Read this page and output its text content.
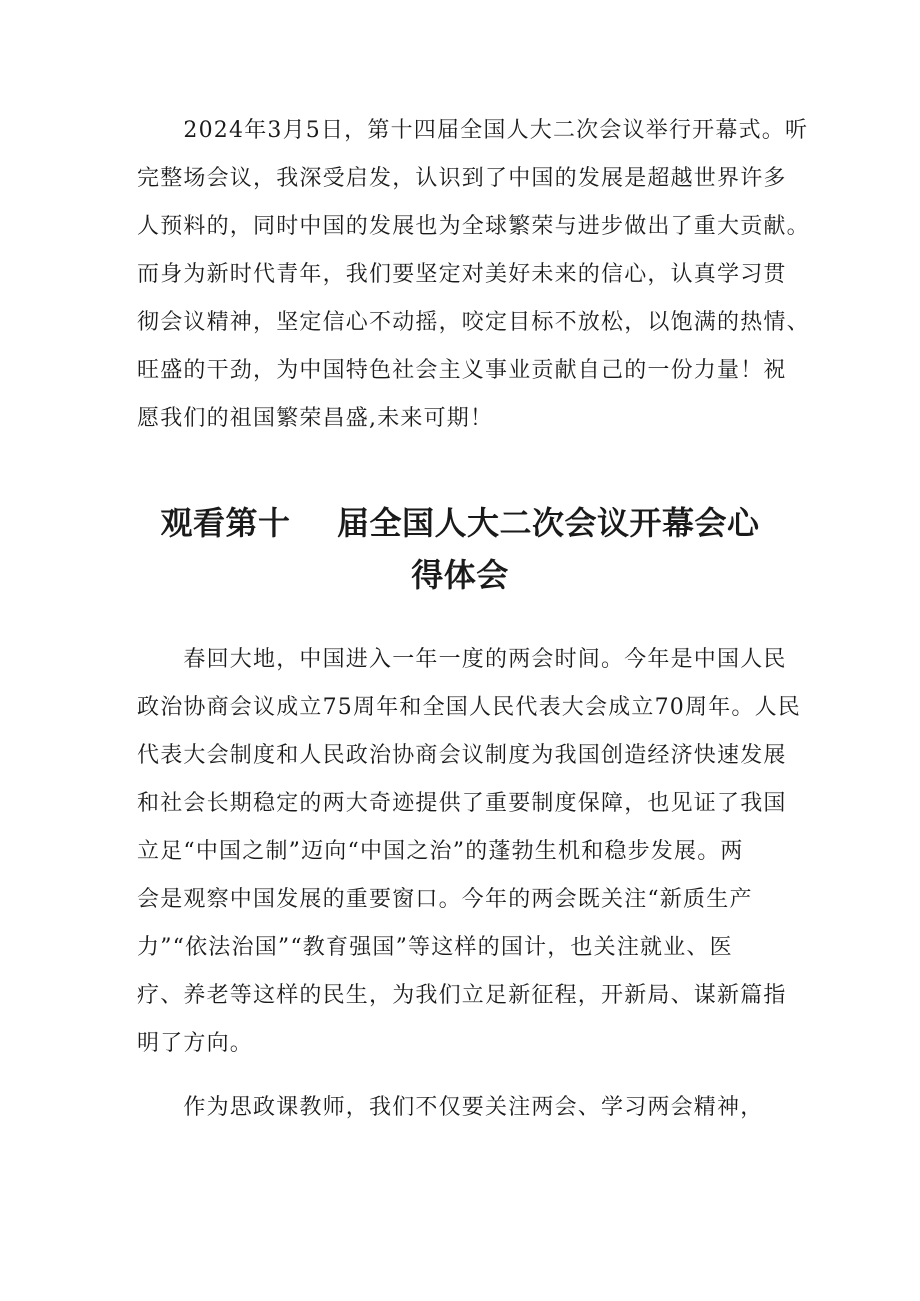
　　2024年3月5日，第十四届全国人大二次会议举行开幕式。听
完整场会议，我深受启发，认识到了中国的发展是超越世界许多
人预料的，同时中国的发展也为全球繁荣与进步做出了重大贡献。
而身为新时代青年，我们要坚定对美好未来的信心，认真学习贯
彻会议精神，坚定信心不动摇，咬定目标不放松，以饱满的热情、
旺盛的干劲，为中国特色社会主义事业贡献自己的一份力量！祝
愿我们的祖国繁荣昌盛,未来可期！
观看第十    届全国人大二次会议开幕会心
得体会
　　春回大地，中国进入一年一度的两会时间。今年是中国人民
政治协商会议成立75周年和全国人民代表大会成立70周年。人民
代表大会制度和人民政治协商会议制度为我国创造经济快速发展
和社会长期稳定的两大奇迹提供了重要制度保障，也见证了我国
立足“中国之制”迈向“中国之治”的蓬勃生机和稳步发展。两
会是观察中国发展的重要窗口。今年的两会既关注“新质生产
力”“依法治国”“教育强国”等这样的国计，也关注就业、医
疗、养老等这样的民生，为我们立足新征程，开新局、谋新篇指
明了方向。
　　作为思政课教师，我们不仅要关注两会、学习两会精神，
